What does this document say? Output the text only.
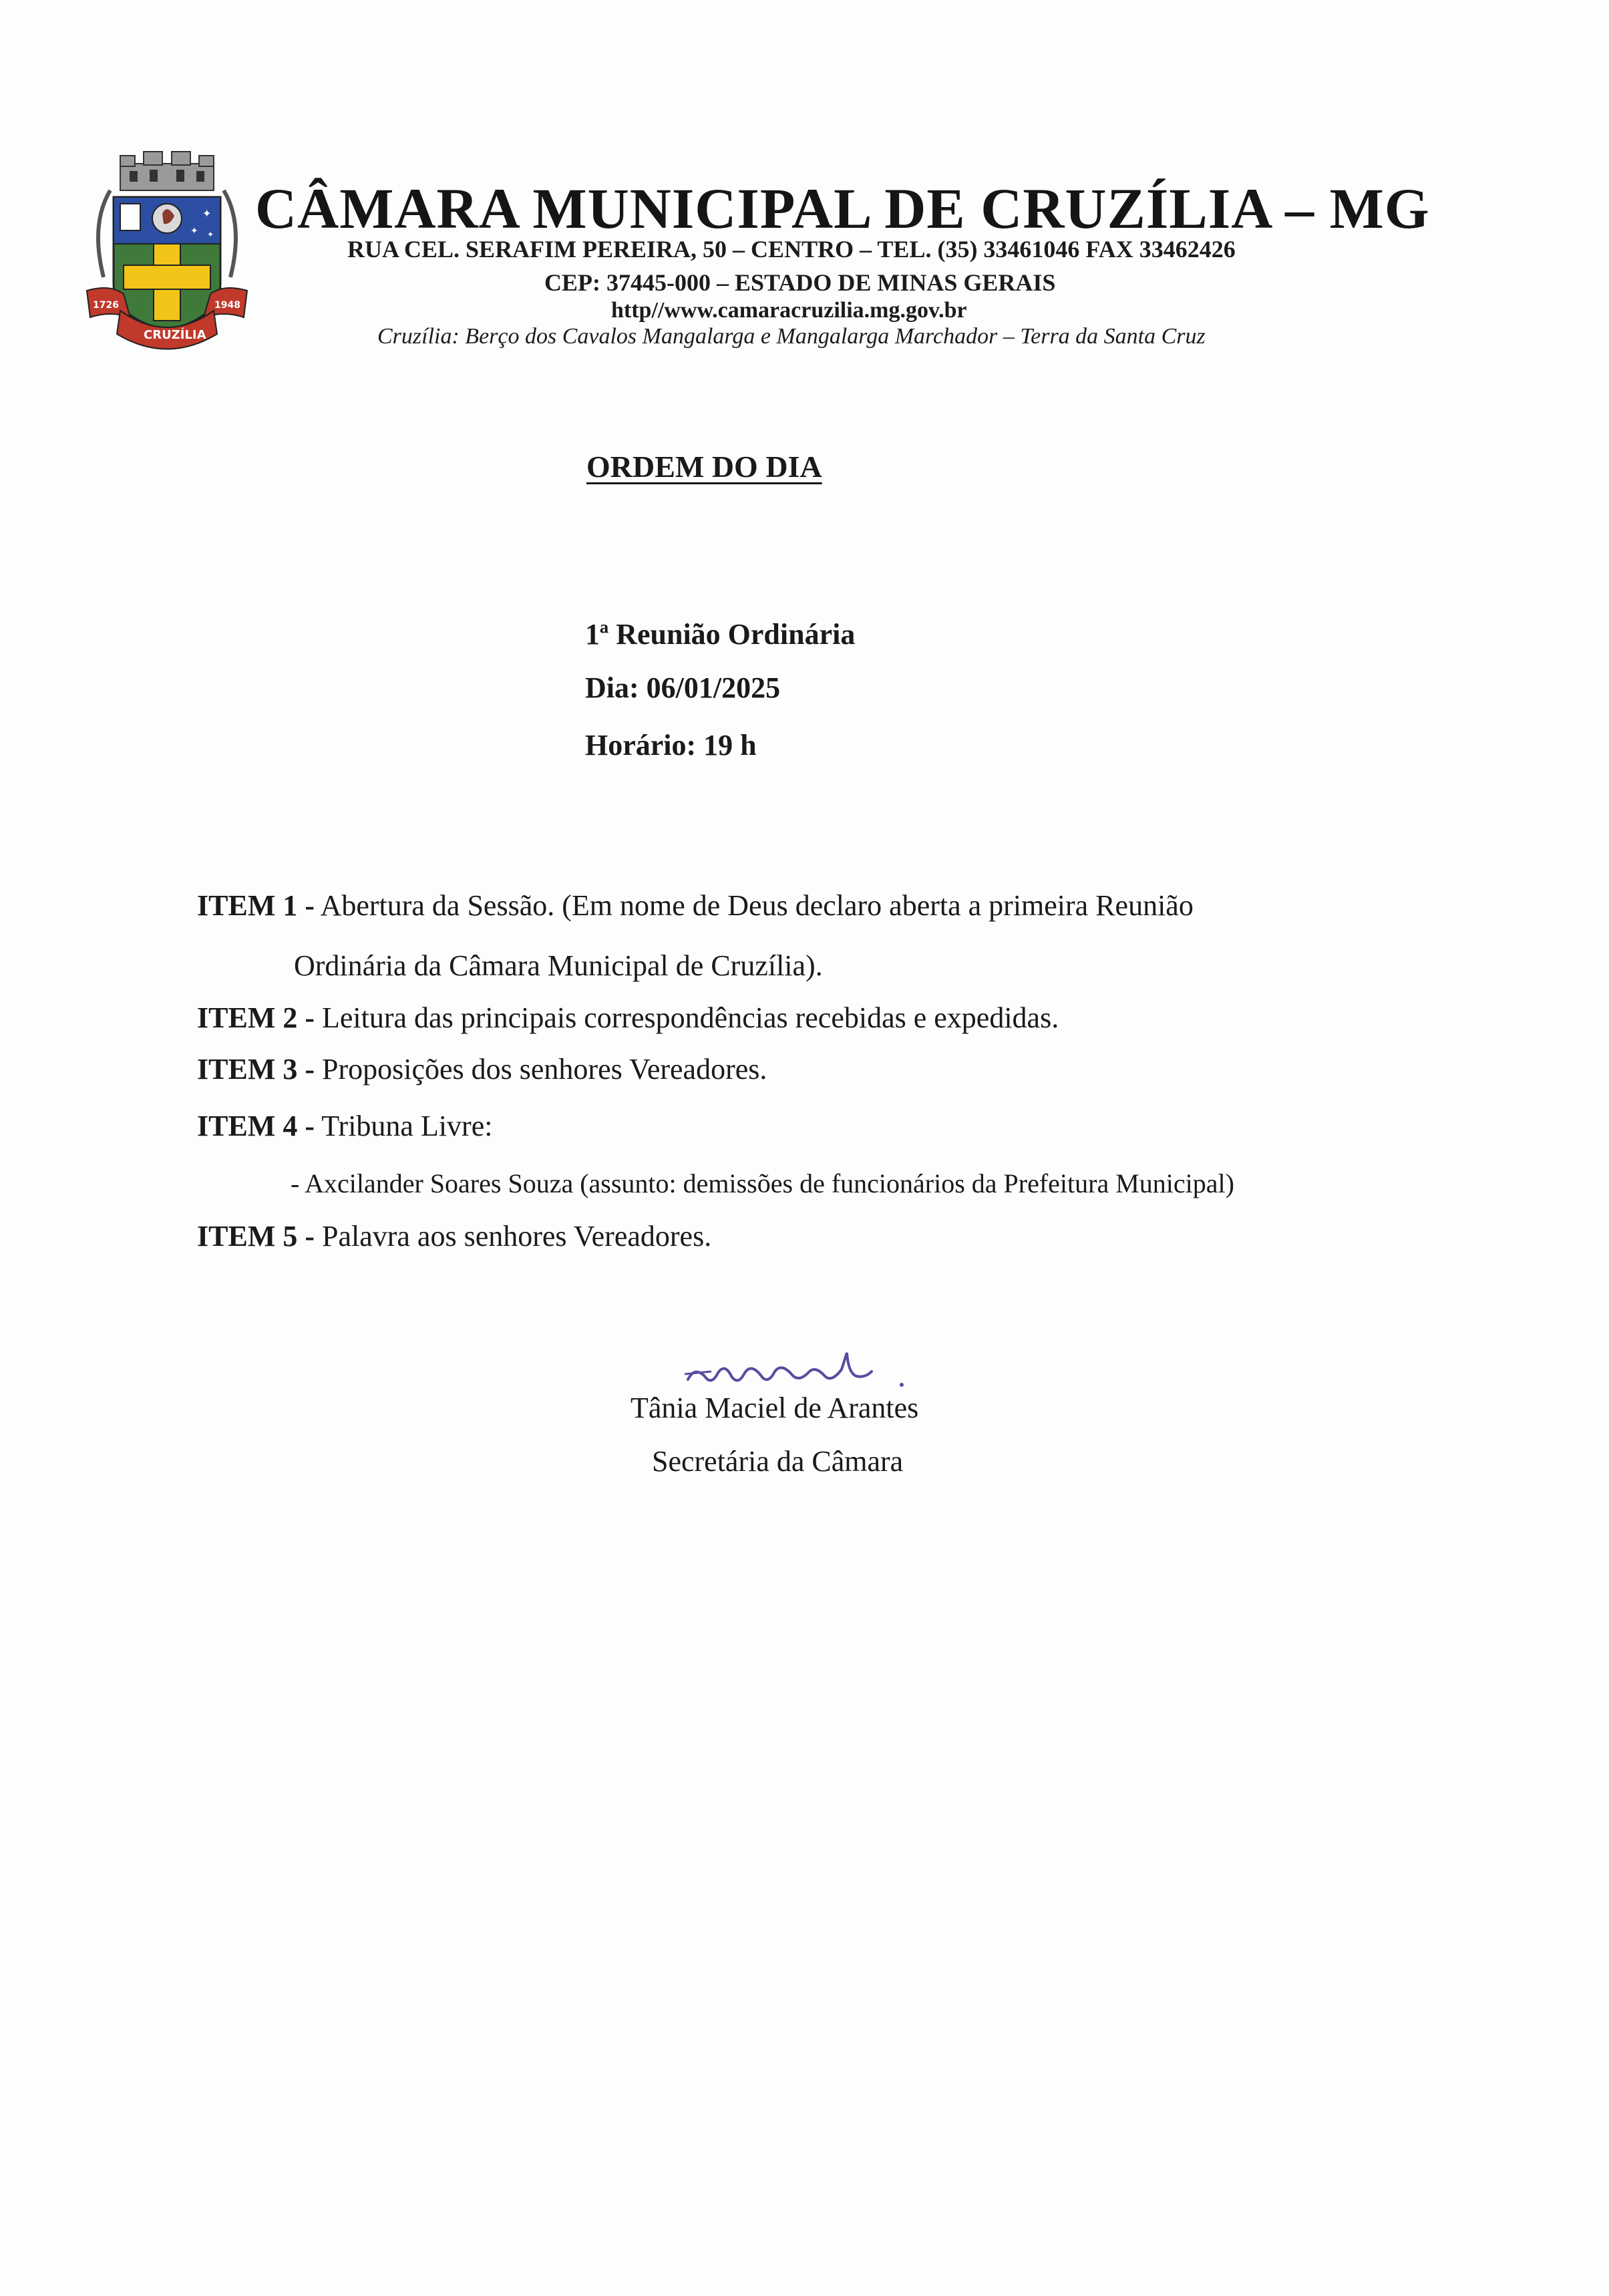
✦
✦ ✦
1726	1948
CRUZÍLIA
CÂMARA MUNICIPAL DE CRUZÍLIA – MG
RUA CEL. SERAFIM PEREIRA, 50 – CENTRO – TEL. (35) 33461046 FAX 33462426
CEP: 37445-000 – ESTADO DE MINAS GERAIS
http//www.camaracruzilia.mg.gov.br
Cruzília: Berço dos Cavalos Mangalarga e Mangalarga Marchador – Terra da Santa Cruz
ORDEM DO DIA
1ª Reunião Ordinária
Dia: 06/01/2025
Horário: 19 h
ITEM 1 - Abertura da Sessão. (Em nome de Deus declaro aberta a primeira Reunião
Ordinária da Câmara Municipal de Cruzília).
ITEM 2 - Leitura das principais correspondências recebidas e expedidas.
ITEM 3 - Proposições dos senhores Vereadores.
ITEM 4 - Tribuna Livre:
- Axcilander Soares Souza (assunto: demissões de funcionários da Prefeitura Municipal)
ITEM 5 - Palavra aos senhores Vereadores.
Tânia Maciel de Arantes
Secretária da Câmara
